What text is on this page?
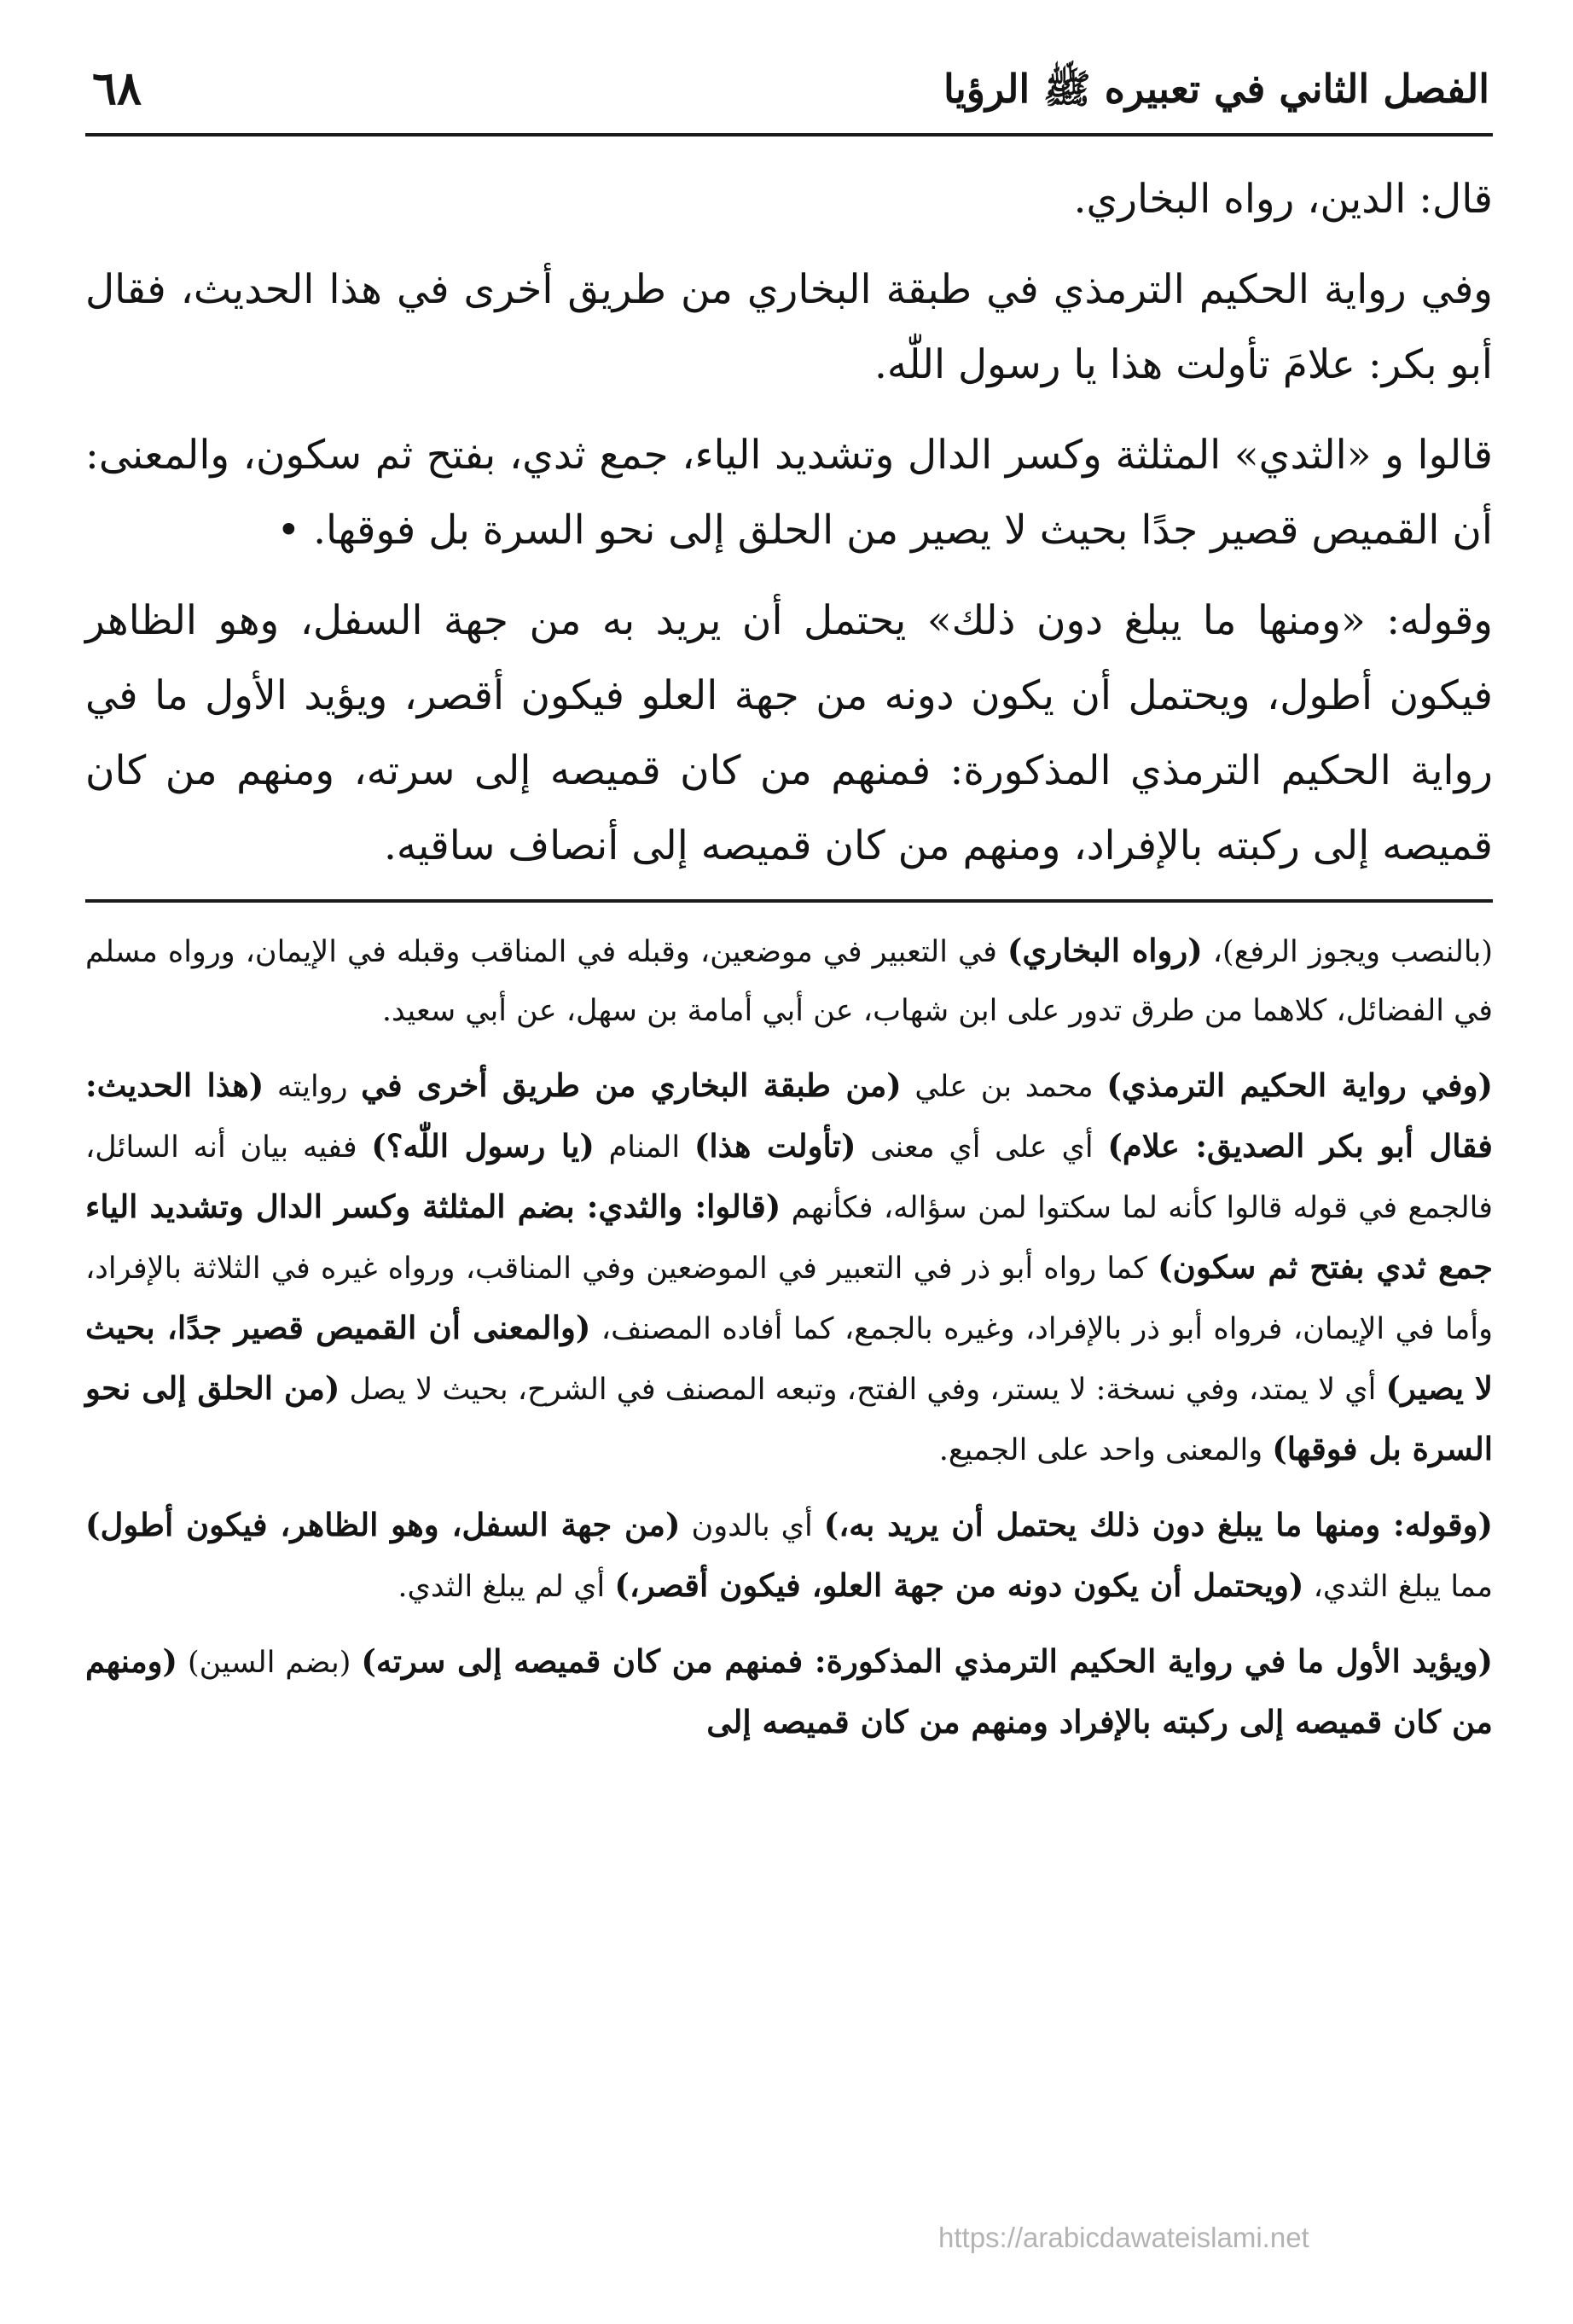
الفصل الثاني في تعبيره ﷺ الرؤيا
٦٨

قال: الدين، رواه البخاري.

وفي رواية الحكيم الترمذي في طبقة البخاري من طريق أخرى في هذا الحديث، فقال أبو بكر: علامَ تأولت هذا يا رسول اللّٰه.

قالوا و «الثدي» المثلثة وكسر الدال وتشديد الياء، جمع ثدي، بفتح ثم سكون، والمعنى: أن القميص قصير جدًا بحيث لا يصير من الحلق إلى نحو السرة بل فوقها. •

وقوله: «ومنها ما يبلغ دون ذلك» يحتمل أن يريد به من جهة السفل، وهو الظاهر فيكون أطول، ويحتمل أن يكون دونه من جهة العلو فيكون أقصر، ويؤيد الأول ما في رواية الحكيم الترمذي المذكورة: فمنهم من كان قميصه إلى سرته، ومنهم من كان قميصه إلى ركبته بالإفراد، ومنهم من كان قميصه إلى أنصاف ساقيه.

(بالنصب ويجوز الرفع)، (رواه البخاري) في التعبير في موضعين، وقبله في المناقب وقبله في الإيمان، ورواه مسلم في الفضائل، كلاهما من طرق تدور على ابن شهاب، عن أبي أمامة بن سهل، عن أبي سعيد.

(وفي رواية الحكيم الترمذي) محمد بن علي (من طبقة البخاري من طريق أخرى في روايته (هذا الحديث: فقال أبو بكر الصديق: علام) أي على أي معنى (تأولت هذا) المنام (يا رسول اللّٰه؟) ففيه بيان أنه السائل، فالجمع في قوله قالوا كأنه لما سكتوا لمن سؤاله، فكأنهم (قالوا: والثدي: بضم المثلثة وكسر الدال وتشديد الياء جمع ثدي بفتح ثم سكون) كما رواه أبو ذر في التعبير في الموضعين وفي المناقب، ورواه غيره في الثلاثة بالإفراد، وأما في الإيمان، فرواه أبو ذر بالإفراد، وغيره بالجمع، كما أفاده المصنف، (والمعنى أن القميص قصير جدًا، بحيث لا يصير) أي لا يمتد، وفي نسخة: لا يستر، وفي الفتح، وتبعه المصنف في الشرح، بحيث لا يصل (من الحلق إلى نحو السرة بل فوقها) والمعنى واحد على الجميع.

(وقوله: ومنها ما يبلغ دون ذلك يحتمل أن يريد به،) أي بالدون (من جهة السفل، وهو الظاهر، فيكون أطول) مما يبلغ الثدي، (ويحتمل أن يكون دونه من جهة العلو، فيكون أقصر،) أي لم يبلغ الثدي.

(ويؤيد الأول ما في رواية الحكيم الترمذي المذكورة: فمنهم من كان قميصه إلى سرته) (بضم السين) (ومنهم من كان قميصه إلى ركبته بالإفراد ومنهم من كان قميصه إلى

https://arabicdawateislami.net
